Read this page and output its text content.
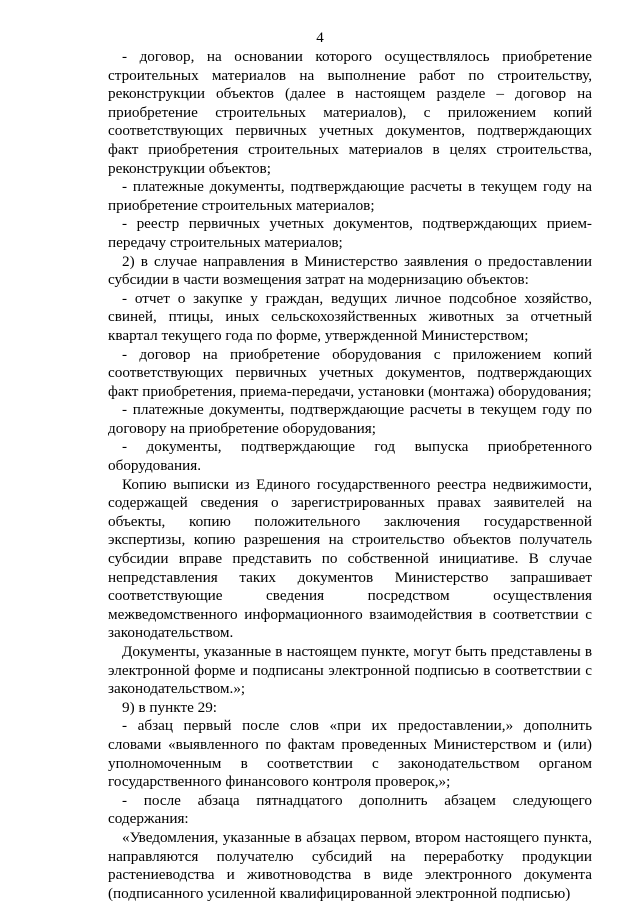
4

- договор, на основании которого осуществлялось приобретение строительных материалов на выполнение работ по строительству, реконструкции объектов (далее в настоящем разделе – договор на приобретение строительных материалов), с приложением копий соответствующих первичных учетных документов, подтверждающих факт приобретения строительных материалов в целях строительства, реконструкции объектов;

- платежные документы, подтверждающие расчеты в текущем году на приобретение строительных материалов;

- реестр первичных учетных документов, подтверждающих прием-передачу строительных материалов;

2) в случае направления в Министерство заявления о предоставлении субсидии в части возмещения затрат на модернизацию объектов:

- отчет о закупке у граждан, ведущих личное подсобное хозяйство, свиней, птицы, иных сельскохозяйственных животных за отчетный квартал текущего года по форме, утвержденной Министерством;

- договор на приобретение оборудования с приложением копий соответствующих первичных учетных документов, подтверждающих факт приобретения, приема-передачи, установки (монтажа) оборудования;

- платежные документы, подтверждающие расчеты в текущем году по договору на приобретение оборудования;

- документы, подтверждающие год выпуска приобретенного оборудования.

Копию выписки из Единого государственного реестра недвижимости, содержащей сведения о зарегистрированных правах заявителей на объекты, копию положительного заключения государственной экспертизы, копию разрешения на строительство объектов получатель субсидии вправе представить по собственной инициативе. В случае непредставления таких документов Министерство запрашивает соответствующие сведения посредством осуществления межведомственного информационного взаимодействия в соответствии с законодательством.

Документы, указанные в настоящем пункте, могут быть представлены в электронной форме и подписаны электронной подписью в соответствии с законодательством.»;

9) в пункте 29:

- абзац первый после слов «при их предоставлении,» дополнить словами «выявленного по фактам проведенных Министерством и (или) уполномоченным в соответствии с законодательством органом государственного финансового контроля проверок,»;

- после абзаца пятнадцатого дополнить абзацем следующего содержания:

«Уведомления, указанные в абзацах первом, втором настоящего пункта, направляются получателю субсидий на переработку продукции растениеводства и животноводства в виде электронного документа (подписанного усиленной квалифицированной электронной подписью)
